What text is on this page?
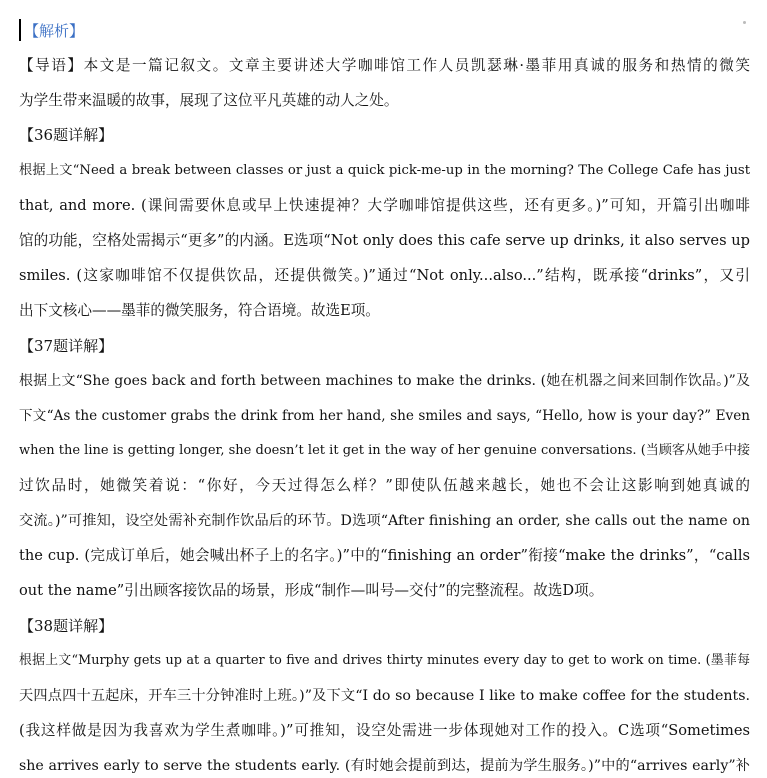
【解析】
【导语】本文是一篇记叙文。文章主要讲述大学咖啡馆工作人员凯瑟琳·墨菲用真诚的服务和热情的微笑
为学生带来温暖的故事，展现了这位平凡英雄的动人之处。
【36题详解】
根据上文“Need a break between classes or just a quick pick-me-up in the morning? The College Cafe has just
that, and more. (课间需要休息或早上快速提神？大学咖啡馆提供这些，还有更多。)”可知，开篇引出咖啡
馆的功能，空格处需揭示“更多”的内涵。E选项“Not only does this cafe serve up drinks, it also serves up
smiles. (这家咖啡馆不仅提供饮品，还提供微笑。)”通过“Not only...also...”结构，既承接“drinks”，又引
出下文核心——墨菲的微笑服务，符合语境。故选E项。
【37题详解】
根据上文“She goes back and forth between machines to make the drinks. (她在机器之间来回制作饮品。)”及
下文“As the customer grabs the drink from her hand, she smiles and says, “Hello, how is your day?” Even
when the line is getting longer, she doesn’t let it get in the way of her genuine conversations. (当顾客从她手中接
过饮品时，她微笑着说：“你好，今天过得怎么样？”即使队伍越来越长，她也不会让这影响到她真诚的
交流。)”可推知，设空处需补充制作饮品后的环节。D选项“After finishing an order, she calls out the name on
the cup. (完成订单后，她会喊出杯子上的名字。)”中的“finishing an order”衔接“make the drinks”，“calls
out the name”引出顾客接饮品的场景，形成“制作—叫号—交付”的完整流程。故选D项。
【38题详解】
根据上文“Murphy gets up at a quarter to five and drives thirty minutes every day to get to work on time. (墨菲每
天四点四十五起床，开车三十分钟准时上班。)”及下文“I do so because I like to make coffee for the students.
(我这样做是因为我喜欢为学生煮咖啡。)”可推知，设空处需进一步体现她对工作的投入。C选项“Sometimes
she arrives early to serve the students early. (有时她会提前到达，提前为学生服务。)”中的“arrives early”补
